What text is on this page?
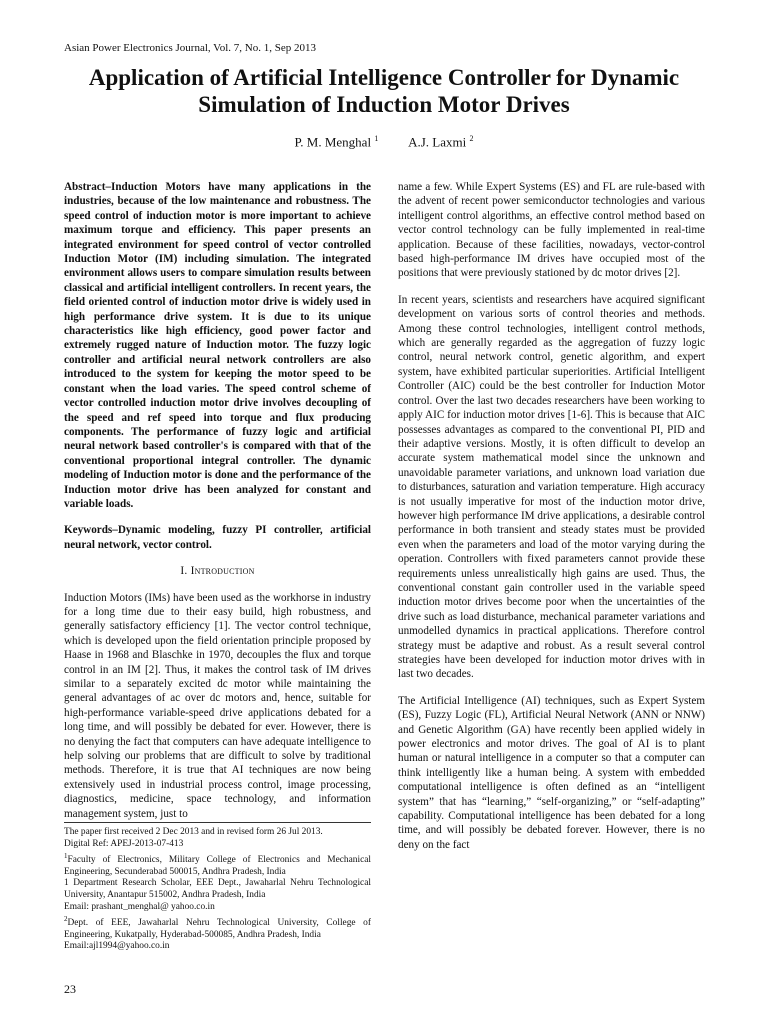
Asian Power Electronics Journal, Vol. 7, No. 1, Sep 2013
Application of Artificial Intelligence Controller for Dynamic Simulation of Induction Motor Drives
P. M. Menghal $^1$ A.J. Laxmi $^2$

Abstract–Induction Motors have many applications in the industries, because of the low maintenance and robustness. The speed control of induction motor is more important to achieve maximum torque and efficiency. This paper presents an integrated environment for speed control of vector controlled Induction Motor (IM) including simulation. The integrated environment allows users to compare simulation results between classical and artificial intelligent controllers. In recent years, the field oriented control of induction motor drive is widely used in high performance drive system. It is due to its unique characteristics like high efficiency, good power factor and extremely rugged nature of Induction motor. The fuzzy logic controller and artificial neural network controllers are also introduced to the system for keeping the motor speed to be constant when the load varies. The speed control scheme of vector controlled induction motor drive involves decoupling of the speed and ref speed into torque and flux producing components. The performance of fuzzy logic and artificial neural network based controller's is compared with that of the conventional proportional integral controller. The dynamic modeling of Induction motor is done and the performance of the Induction motor drive has been analyzed for constant and variable loads.

Keywords–Dynamic modeling, fuzzy PI controller, artificial neural network, vector control.

I. Introduction

Induction Motors (IMs) have been used as the workhorse in industry for a long time due to their easy build, high robustness, and generally satisfactory efficiency [1]. The vector control technique, which is developed upon the field orientation principle proposed by Haase in 1968 and Blaschke in 1970, decouples the flux and torque control in an IM [2]. Thus, it makes the control task of IM drives similar to a separately excited dc motor while maintaining the general advantages of ac over dc motors and, hence, suitable for high-performance variable-speed drive applications debated for a long time, and will possibly be debated for ever. However, there is no denying the fact that computers can have adequate intelligence to help solving our problems that are difficult to solve by traditional methods. Therefore, it is true that AI techniques are now being extensively used in industrial process control, image processing, diagnostics, medicine, space technology, and information management system, just to

The paper first received 2 Dec 2013 and in revised form 26 Jul 2013.
Digital Ref: APEJ-2013-07-413
$^1$Faculty of Electronics, Military College of Electronics and Mechanical Engineering, Secunderabad 500015, Andhra Pradesh, India
1 Department Research Scholar, EEE Dept., Jawaharlal Nehru Technological University, Anantapur 515002, Andhra Pradesh, India
Email: prashant_menghal@ yahoo.co.in
$^2$Dept. of EEE, Jawaharlal Nehru Technological University, College of Engineering, Kukatpally, Hyderabad-500085, Andhra Pradesh, India
Email:ajl1994@yahoo.co.in
23

name a few. While Expert Systems (ES) and FL are rule-based with the advent of recent power semiconductor technologies and various intelligent control algorithms, an effective control method based on vector control technology can be fully implemented in real-time application. Because of these facilities, nowadays, vector-control based high-performance IM drives have occupied most of the positions that were previously stationed by dc motor drives [2].

In recent years, scientists and researchers have acquired significant development on various sorts of control theories and methods. Among these control technologies, intelligent control methods, which are generally regarded as the aggregation of fuzzy logic control, neural network control, genetic algorithm, and expert system, have exhibited particular superiorities. Artificial Intelligent Controller (AIC) could be the best controller for Induction Motor control. Over the last two decades researchers have been working to apply AIC for induction motor drives [1-6]. This is because that AIC possesses advantages as compared to the conventional PI, PID and their adaptive versions. Mostly, it is often difficult to develop an accurate system mathematical model since the unknown and unavoidable parameter variations, and unknown load variation due to disturbances, saturation and variation temperature. High accuracy is not usually imperative for most of the induction motor drive, however high performance IM drive applications, a desirable control performance in both transient and steady states must be provided even when the parameters and load of the motor varying during the operation. Controllers with fixed parameters cannot provide these requirements unless unrealistically high gains are used. Thus, the conventional constant gain controller used in the variable speed induction motor drives become poor when the uncertainties of the drive such as load disturbance, mechanical parameter variations and unmodelled dynamics in practical applications. Therefore control strategy must be adaptive and robust. As a result several control strategies have been developed for induction motor drives with in last two decades.

The Artificial Intelligence (AI) techniques, such as Expert System (ES), Fuzzy Logic (FL), Artificial Neural Network (ANN or NNW) and Genetic Algorithm (GA) have recently been applied widely in power electronics and motor drives. The goal of AI is to plant human or natural intelligence in a computer so that a computer can think intelligently like a human being. A system with embedded computational intelligence is often defined as an “intelligent system” that has “learning,” “self-organizing,” or “self-adapting” capability. Computational intelligence has been debated for a long time, and will possibly be debated forever. However, there is no deny on the fact
